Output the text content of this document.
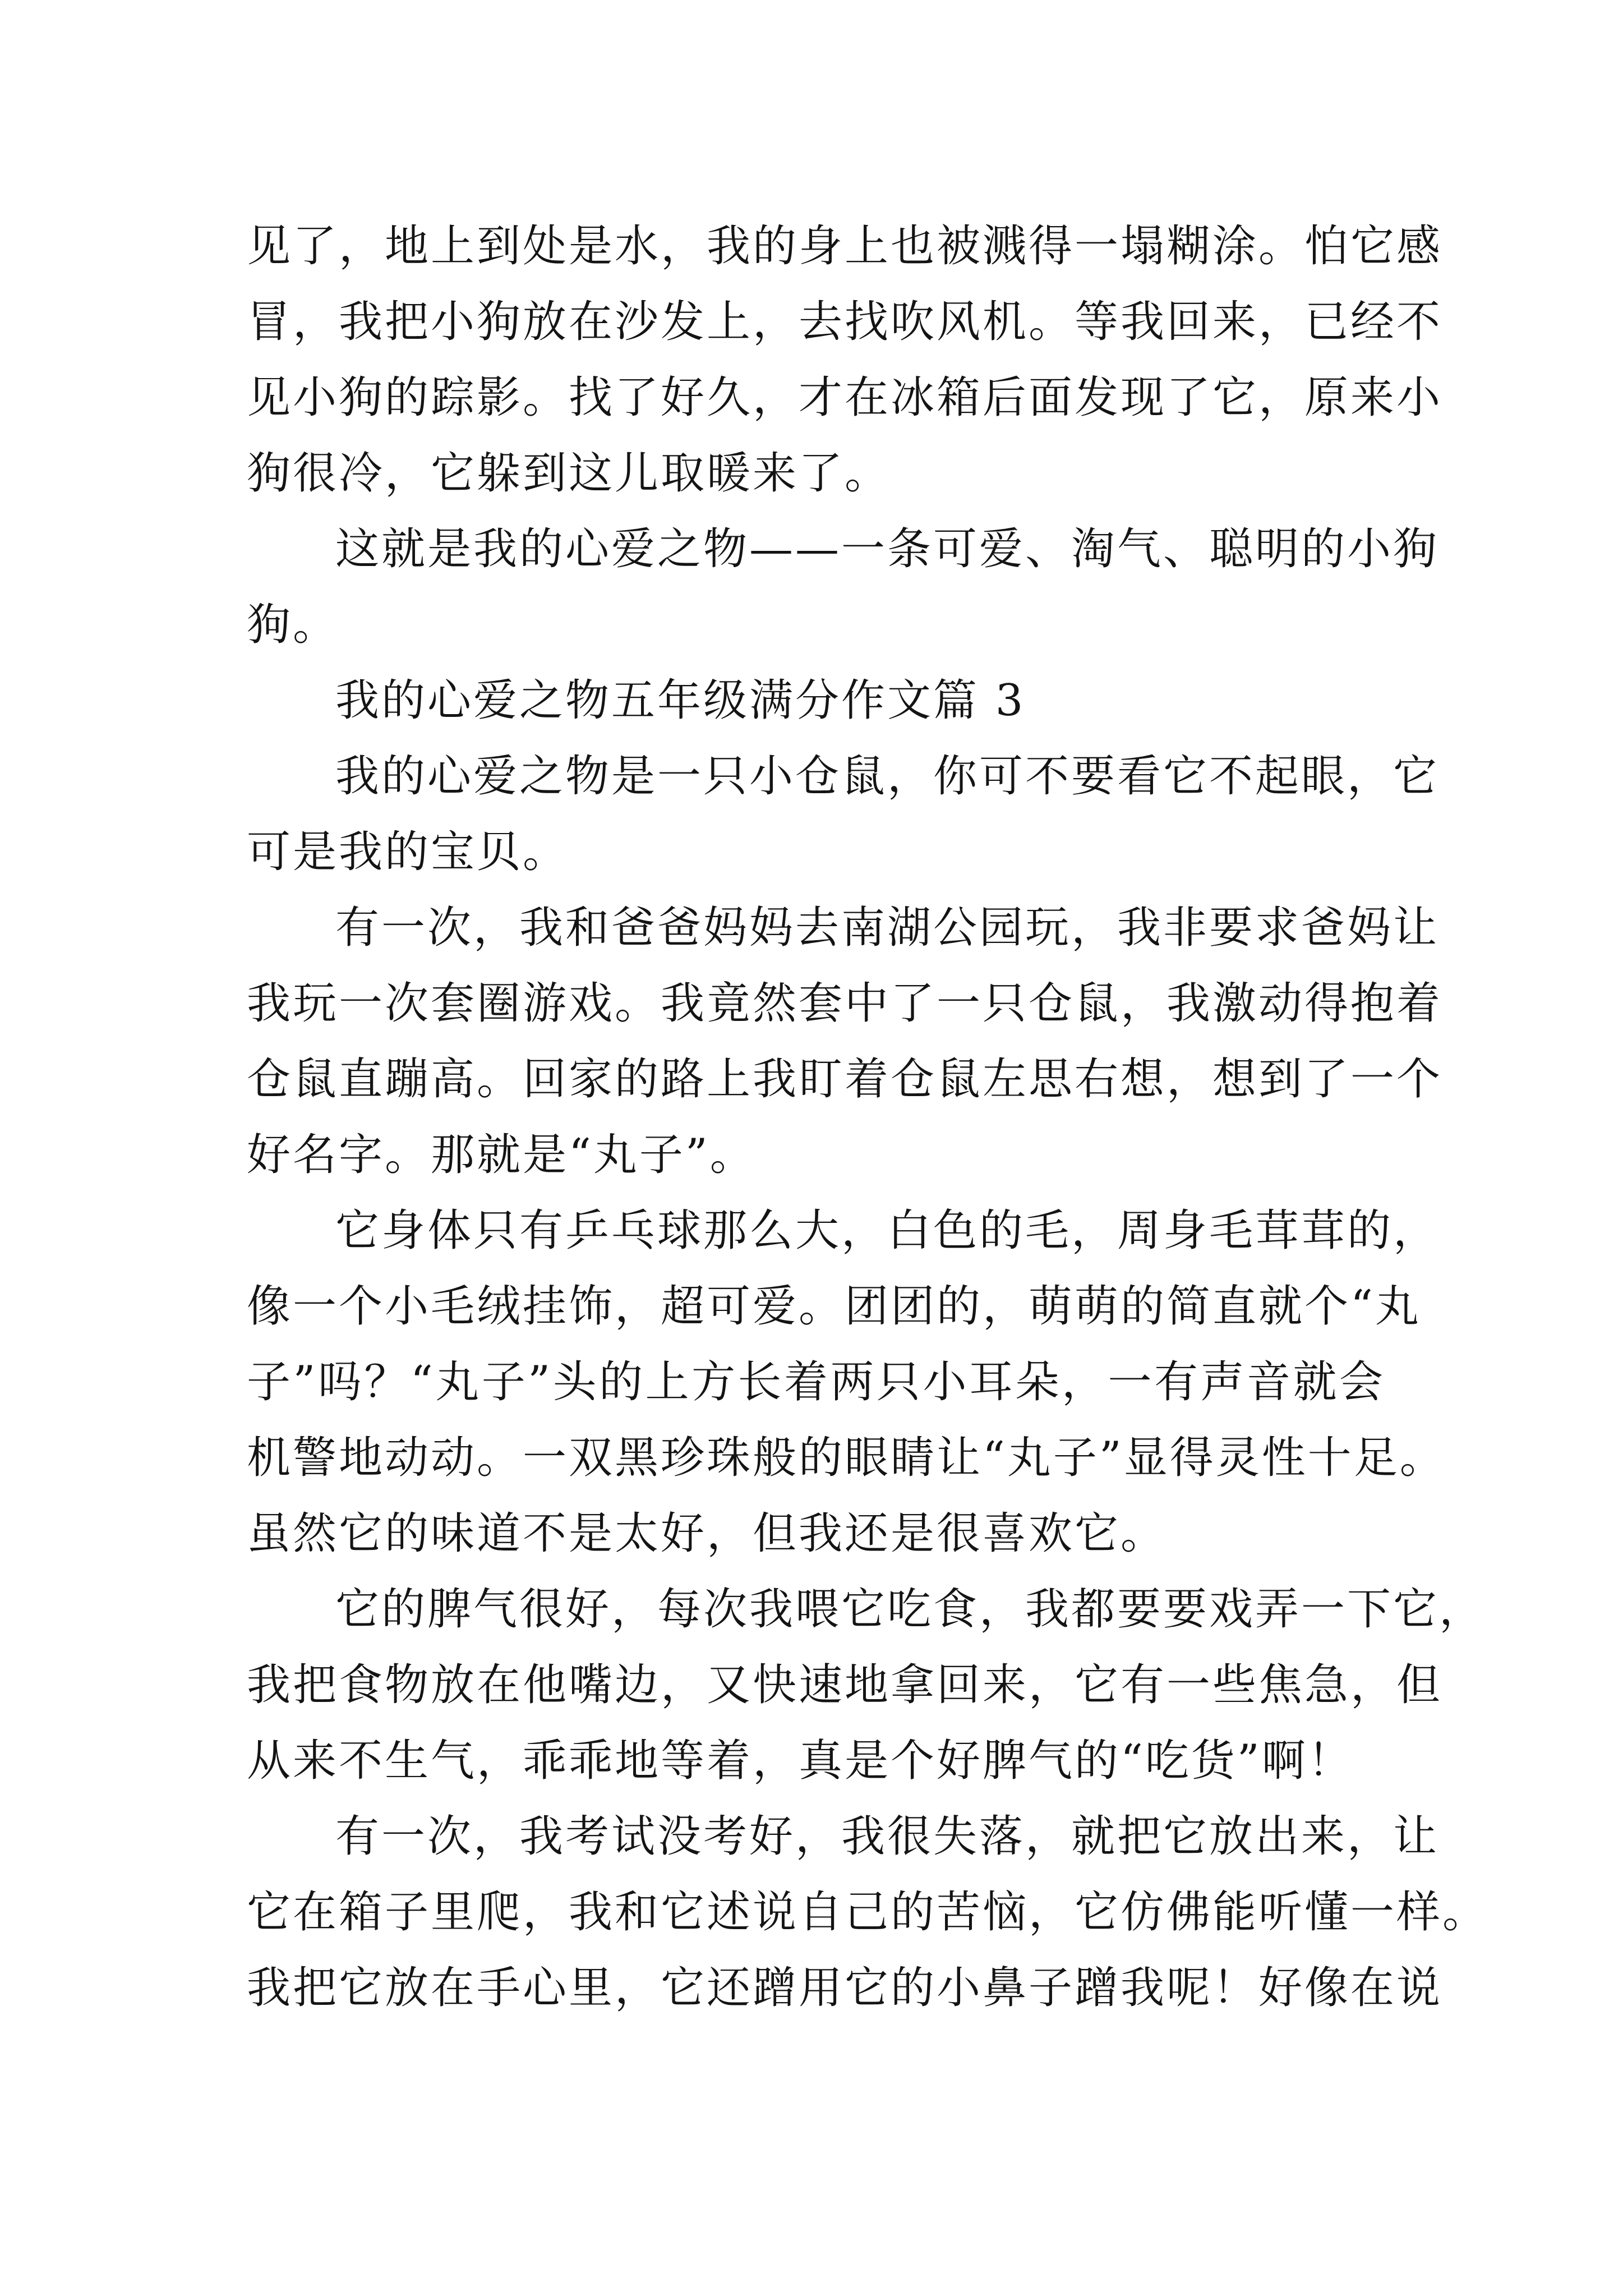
见了，地上到处是水，我的身上也被溅得一塌糊涂。怕它感
冒，我把小狗放在沙发上，去找吹风机。等我回来，已经不
见小狗的踪影。找了好久，才在冰箱后面发现了它，原来小
狗很冷，它躲到这儿取暖来了。
这就是我的心爱之物——一条可爱、淘气、聪明的小狗
狗。
我的心爱之物五年级满分作文篇 3
我的心爱之物是一只小仓鼠，你可不要看它不起眼，它
可是我的宝贝。
有一次，我和爸爸妈妈去南湖公园玩，我非要求爸妈让
我玩一次套圈游戏。我竟然套中了一只仓鼠，我激动得抱着
仓鼠直蹦高。回家的路上我盯着仓鼠左思右想，想到了一个
好名字。那就是“丸子”。
它身体只有乒乓球那么大，白色的毛，周身毛茸茸的，
像一个小毛绒挂饰，超可爱。团团的，萌萌的简直就个“丸
子”吗？“丸子”头的上方长着两只小耳朵，一有声音就会
机警地动动。一双黑珍珠般的眼睛让“丸子”显得灵性十足。
虽然它的味道不是太好，但我还是很喜欢它。
它的脾气很好，每次我喂它吃食，我都要要戏弄一下它，
我把食物放在他嘴边，又快速地拿回来，它有一些焦急，但
从来不生气，乖乖地等着，真是个好脾气的“吃货”啊！
有一次，我考试没考好，我很失落，就把它放出来，让
它在箱子里爬，我和它述说自己的苦恼，它仿佛能听懂一样。
我把它放在手心里，它还蹭用它的小鼻子蹭我呢！好像在说
